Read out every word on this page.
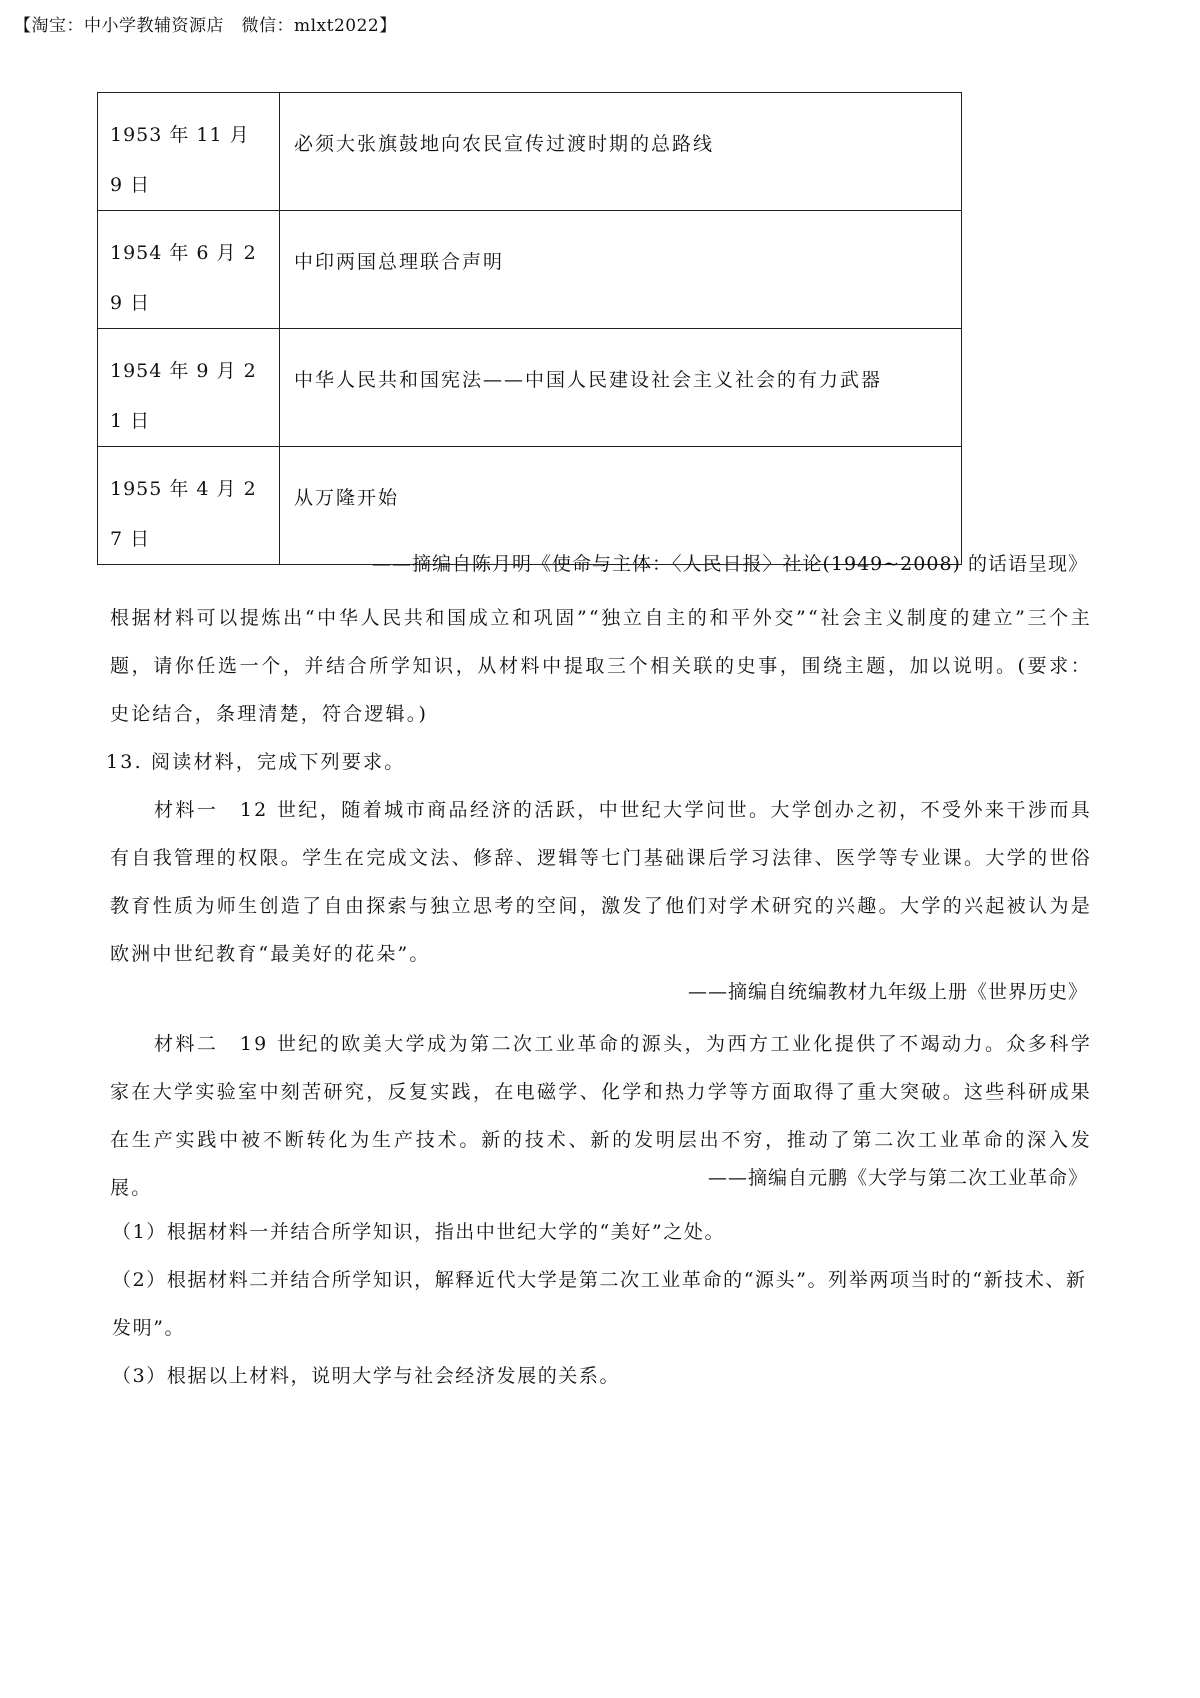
【淘宝：中小学教辅资源店　微信：mlxt2022】
1953 年 11 月 9 日	必须大张旗鼓地向农民宣传过渡时期的总路线

1954 年 6 月 29 日	中印两国总理联合声明

1954 年 9 月 21 日	中华人民共和国宪法——中国人民建设社会主义社会的有力武器

1955 年 4 月 27 日	从万隆开始
——摘编自陈月明《使命与主体：〈人民日报〉社论(1949~2008) 的话语呈现》
根据材料可以提炼出“中华人民共和国成立和巩固”“独立自主的和平外交”“社会主义制度的建立”三个主题，请你任选一个，并结合所学知识，从材料中提取三个相关联的史事，围绕主题，加以说明。(要求：史论结合，条理清楚，符合逻辑。)
13. 阅读材料，完成下列要求。
材料一　12 世纪，随着城市商品经济的活跃，中世纪大学问世。大学创办之初，不受外来干涉而具有自我管理的权限。学生在完成文法、修辞、逻辑等七门基础课后学习法律、医学等专业课。大学的世俗教育性质为师生创造了自由探索与独立思考的空间，激发了他们对学术研究的兴趣。大学的兴起被认为是欧洲中世纪教育“最美好的花朵”。
——摘编自统编教材九年级上册《世界历史》
材料二　19 世纪的欧美大学成为第二次工业革命的源头，为西方工业化提供了不竭动力。众多科学家在大学实验室中刻苦研究，反复实践，在电磁学、化学和热力学等方面取得了重大突破。这些科研成果在生产实践中被不断转化为生产技术。新的技术、新的发明层出不穷，推动了第二次工业革命的深入发展。	——摘编自元鹏《大学与第二次工业革命》
（1）根据材料一并结合所学知识，指出中世纪大学的“美好”之处。
（2）根据材料二并结合所学知识，解释近代大学是第二次工业革命的“源头”。列举两项当时的“新技术、新发明”。
（3）根据以上材料，说明大学与社会经济发展的关系。
